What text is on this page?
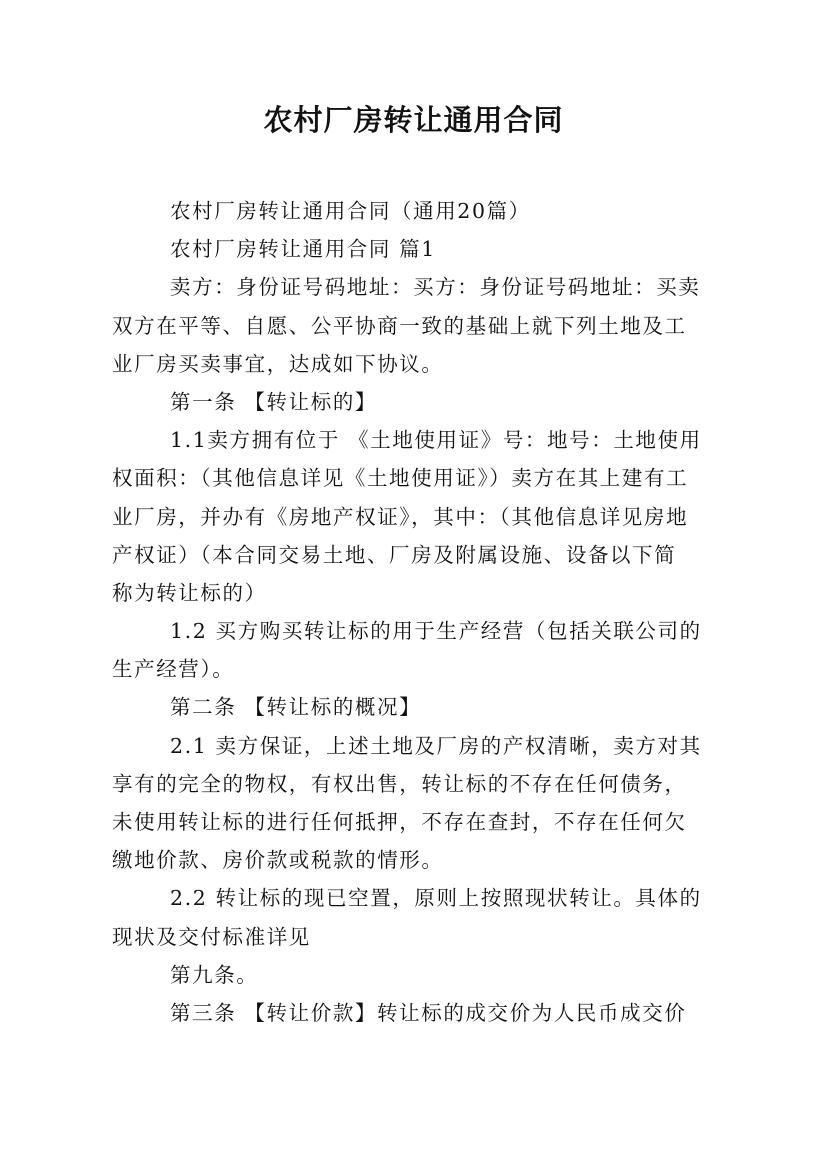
农村厂房转让通用合同
农村厂房转让通用合同（通用20篇）
农村厂房转让通用合同 篇1
卖方：身份证号码地址：买方：身份证号码地址：买卖
双方在平等、自愿、公平协商一致的基础上就下列土地及工
业厂房买卖事宜，达成如下协议。
第一条 【转让标的】
1.1卖方拥有位于 《土地使用证》号：地号：土地使用
权面积：（其他信息详见《土地使用证》）卖方在其上建有工
业厂房，并办有《房地产权证》，其中：（其他信息详见房地
产权证）（本合同交易土地、厂房及附属设施、设备以下简
称为转让标的）
1.2 买方购买转让标的用于生产经营（包括关联公司的
生产经营）。
第二条 【转让标的概况】
2.1 卖方保证，上述土地及厂房的产权清晰，卖方对其
享有的完全的物权，有权出售，转让标的不存在任何债务，
未使用转让标的进行任何抵押，不存在查封，不存在任何欠
缴地价款、房价款或税款的情形。
2.2 转让标的现已空置，原则上按照现状转让。具体的
现状及交付标准详见
第九条。
第三条 【转让价款】转让标的成交价为人民币成交价
